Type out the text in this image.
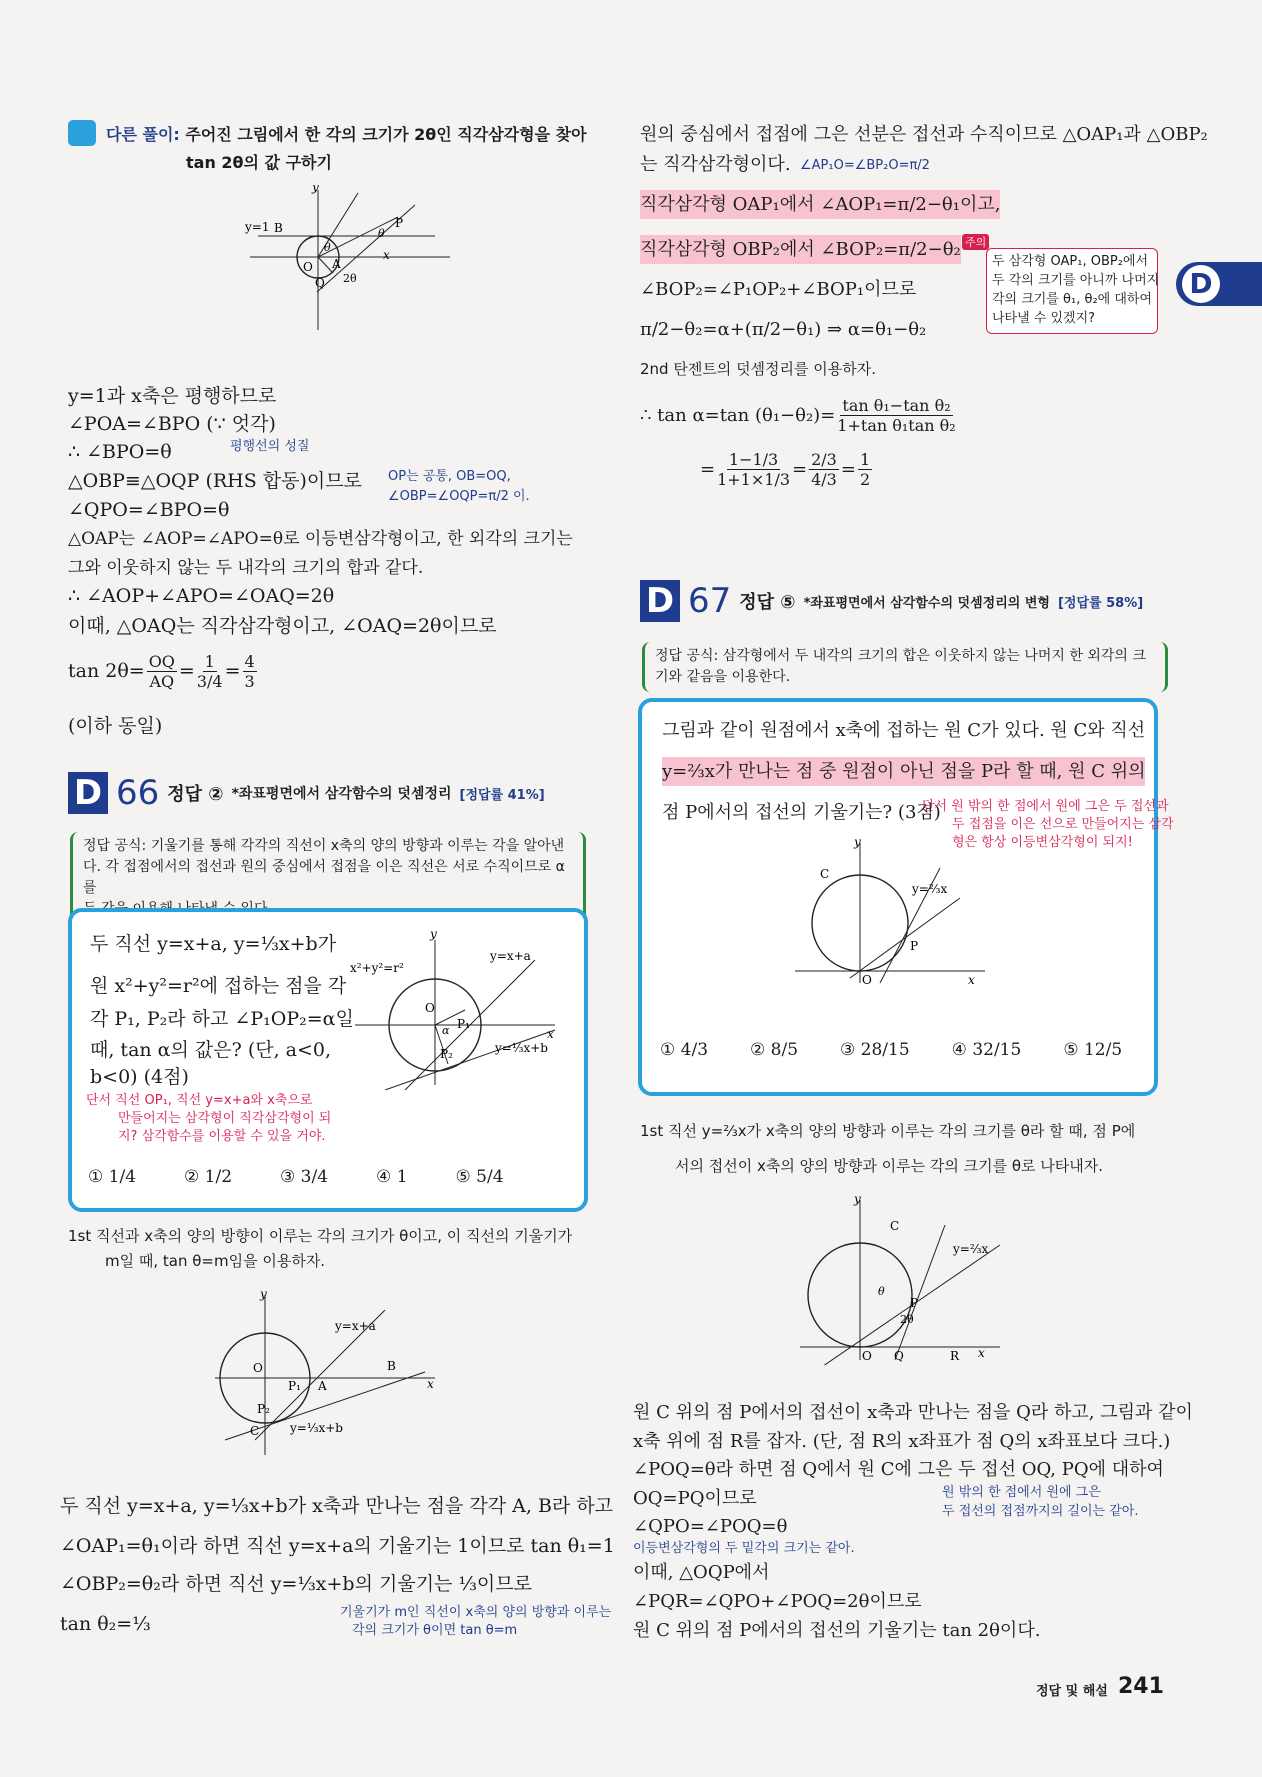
다른 풀이: 주어진 그림에서 한 각의 크기가 2θ인 직각삼각형을 찾아
tan 2θ의 값 구하기
y=1 B	P
O A
Q
x
y
θ
2θ
θ
y=1과 x축은 평행하므로
∠POA=∠BPO (∵ 엇각)
∴ ∠BPO=θ	평행선의 성질
△OBP≡△OQP (RHS 합동)이므로 OP는 공통, OB=OQ,
∠OBP=∠OQP=π/2 이.
∠QPO=∠BPO=θ
△OAP는 ∠AOP=∠APO=θ로 이등변삼각형이고, 한 외각의 크기는
그와 이웃하지 않는 두 내각의 크기의 합과 같다.
∴ ∠AOP+∠APO=∠OAQ=2θ
이때, △OAQ는 직각삼각형이고, ∠OAQ=2θ이므로
$\tan 2\theta= \frac{OQ}{AQ} = \frac{1}{3/4} = \frac{4}{3}$
(이하 동일)
D 66 정답 ② *좌표평면에서 삼각함수의 덧셈정리 [정답률 41%]
정답 공식: 기울기를 통해 각각의 직선이 x축의 양의 방향과 이루는 각을 알아낸
다. 각 접점에서의 접선과 원의 중심에서 접점을 이은 직선은 서로 수직이므로 α를
두 직선 y=x+a, y=⅓x+b가
원 x²+y²=r²에 접하는 점을 각
각 P₁, P₂라 하고 ∠P₁OP₂=α일
때, tan α의 값은? (단, a<0,
b<0) (4점)
단서 직선 OP₁, 직선 y=x+a와 x축으로
만들어지는 삼각형이 직각삼각형이 되
지? 삼각함수를 이용할 수 있을 거야.
x²+y²=r²
y=x+a
y=⅓x+b
O
P₁
P₂
α	x
y
① 1/4	② 1/2	③ 3/4	④ 1	⑤ 5/4
1st 직선과 x축의 양의 방향이 이루는 각의 크기가 θ이고, 이 직선의 기울기가
m일 때, tan θ=m임을 이용하자.
y=x+a
y=⅓x+b
O
P₁
P₂
A
B
C
x
y
두 직선 y=x+a, y=⅓x+b가 x축과 만나는 점을 각각 A, B라 하고
∠OAP₁=θ₁이라 하면 직선 y=x+a의 기울기는 1이므로 tan θ₁=1
∠OBP₂=θ₂라 하면 직선 y=⅓x+b의 기울기는 ⅓이므로
tan θ₂=⅓
기울기가 m인 직선이 x축의 양의 방향과 이루는
각의 크기가 θ이면 tan θ=m
원의 중심에서 접점에 그은 선분은 접선과 수직이므로 △OAP₁과 △OBP₂
는 직각삼각형이다. ∠AP₁O=∠BP₂O=π/2
직각삼각형 OAP₁에서 ∠AOP₁=π/2−θ₁이고,
직각삼각형 OBP₂에서 ∠BOP₂=π/2−θ₂ 주의
두 삼각형 OAP₁, OBP₂에서
두 각의 크기를 아니까 나머지
각의 크기를 θ₁, θ₂에 대하여
나타낼 수 있겠지?
∠BOP₂=∠P₁OP₂+∠BOP₁이므로
π/2−θ₂=α+(π/2−θ₁) ⇒ α=θ₁−θ₂
2nd 탄젠트의 덧셈정리를 이용하자.
∴ tan α=tan $(\theta_1-\theta_2)= \frac{\text{tan θ₁−tan θ₂}}{\text{1+tan θ₁tan θ₂}}$
= $\frac{1-1/3}{1+1\times 1/3} = \frac{2/3}{4/3} = \frac{1}{2}$
D 67 정답 ⑤ *좌표평면에서 삼각함수의 덧셈정리의 변형 [정답률 58%]
정답 공식: 삼각형에서 두 내각의 크기의 합은 이웃하지 않는 나머지 한 외각의 크
기와 같음을 이용한다.
그림과 같이 원점에서 x축에 접하는 원 C가 있다. 원 C와 직선
y=⅔x가 만나는 점 중 원점이 아닌 점을 P라 할 때, 원 C 위의
점 P에서의 접선의 기울기는? (3점)
단서 원 밖의 한 점에서 원에 그은 두 접선과
두 접점을 이은 선으로 만들어지는 삼각
형은 항상 이등변삼각형이 되지!
C
y=⅔x
P
O	x
y
① 4/3 ② 8/5 ③ 28/15 ④ 32/15 ⑤ 12/5
1st 직선 y=⅔x가 x축의 양의 방향과 이루는 각의 크기를 θ라 할 때, 점 P에
서의 접선이 x축의 양의 방향과 이루는 각의 크기를 θ로 나타내자.
C
y=⅔x
P
2θ
θ
O Q	R x
y
원 C 위의 점 P에서의 접선이 x축과 만나는 점을 Q라 하고, 그림과 같이
x축 위에 점 R를 잡자. (단, 점 R의 x좌표가 점 Q의 x좌표보다 크다.)
∠POQ=θ라 하면 점 Q에서 원 C에 그은 두 접선 OQ, PQ에 대하여
OQ=PQ이므로	원 밖의 한 점에서 원에 그은
두 접선의 접점까지의 길이는 같아.
∠QPO=∠POQ=θ
이등변삼각형의 두 밑각의 크기는 같아.
이때, △OQP에서
∠PQR=∠QPO+∠POQ=2θ이므로
원 C 위의 점 P에서의 접선의 기울기는 tan 2θ이다.
D
정답 및 해설 241
